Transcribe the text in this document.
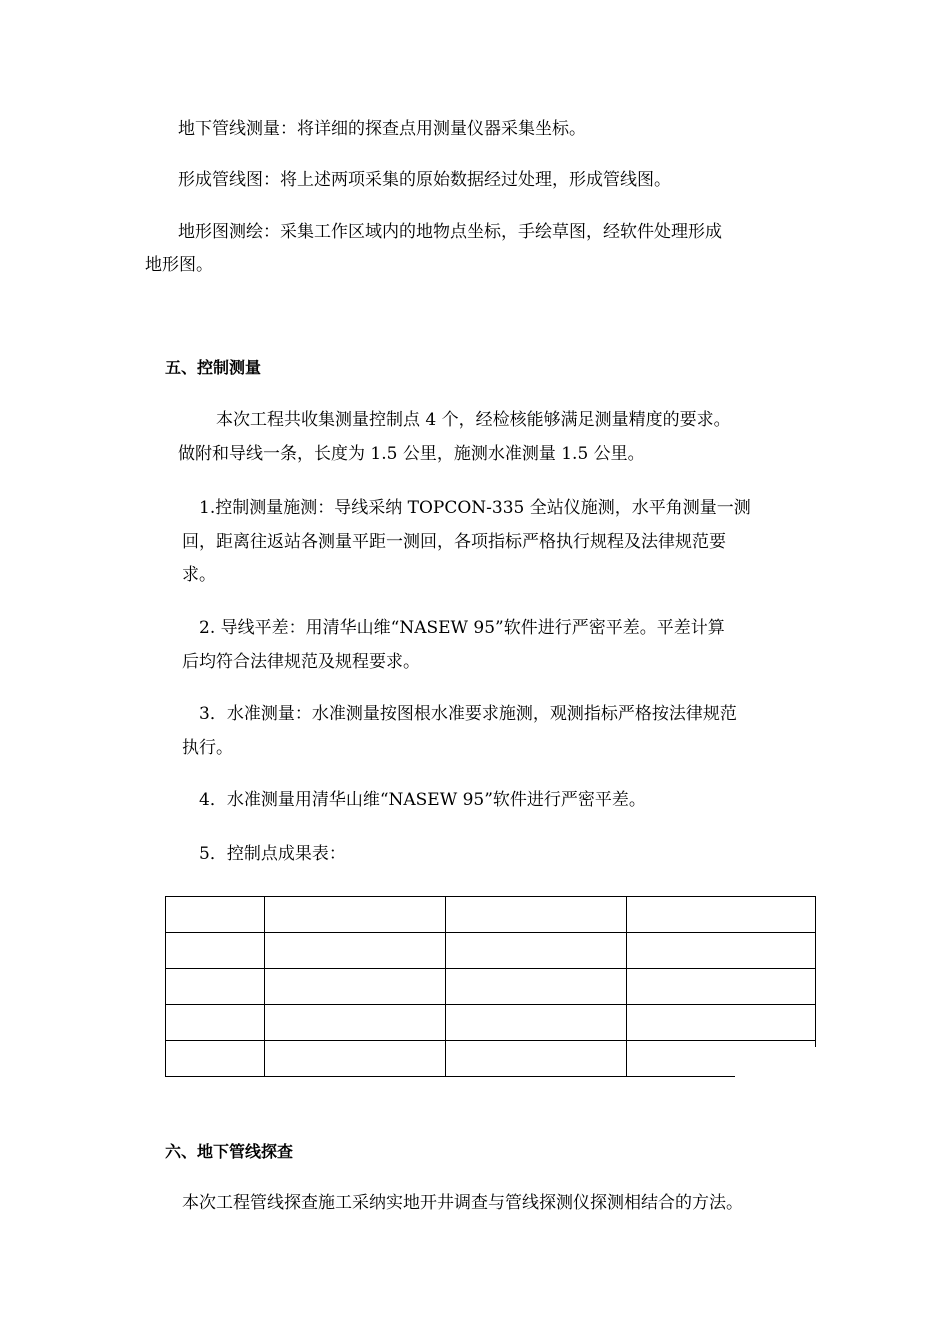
地下管线测量：将详细的探查点用测量仪器采集坐标。
形成管线图：将上述两项采集的原始数据经过处理，形成管线图。
地形图测绘：采集工作区域内的地物点坐标，手绘草图，经软件处理形成
地形图。
五、控制测量
本次工程共收集测量控制点 4 个，经检核能够满足测量精度的要求。
做附和导线一条，长度为 1.5 公里，施测水准测量 1.5 公里。
1.控制测量施测：导线采纳 TOPCON-335 全站仪施测，水平角测量一测
回，距离往返站各测量平距一测回，各项指标严格执行规程及法律规范要
求。
2. 导线平差：用清华山维“NASEW 95”软件进行严密平差。平差计算
后均符合法律规范及规程要求。
3．水准测量：水准测量按图根水准要求施测，观测指标严格按法律规范
执行。
4．水准测量用清华山维“NASEW 95”软件进行严密平差。
5．控制点成果表：

六、地下管线探查
本次工程管线探查施工采纳实地开井调查与管线探测仪探测相结合的方法。
